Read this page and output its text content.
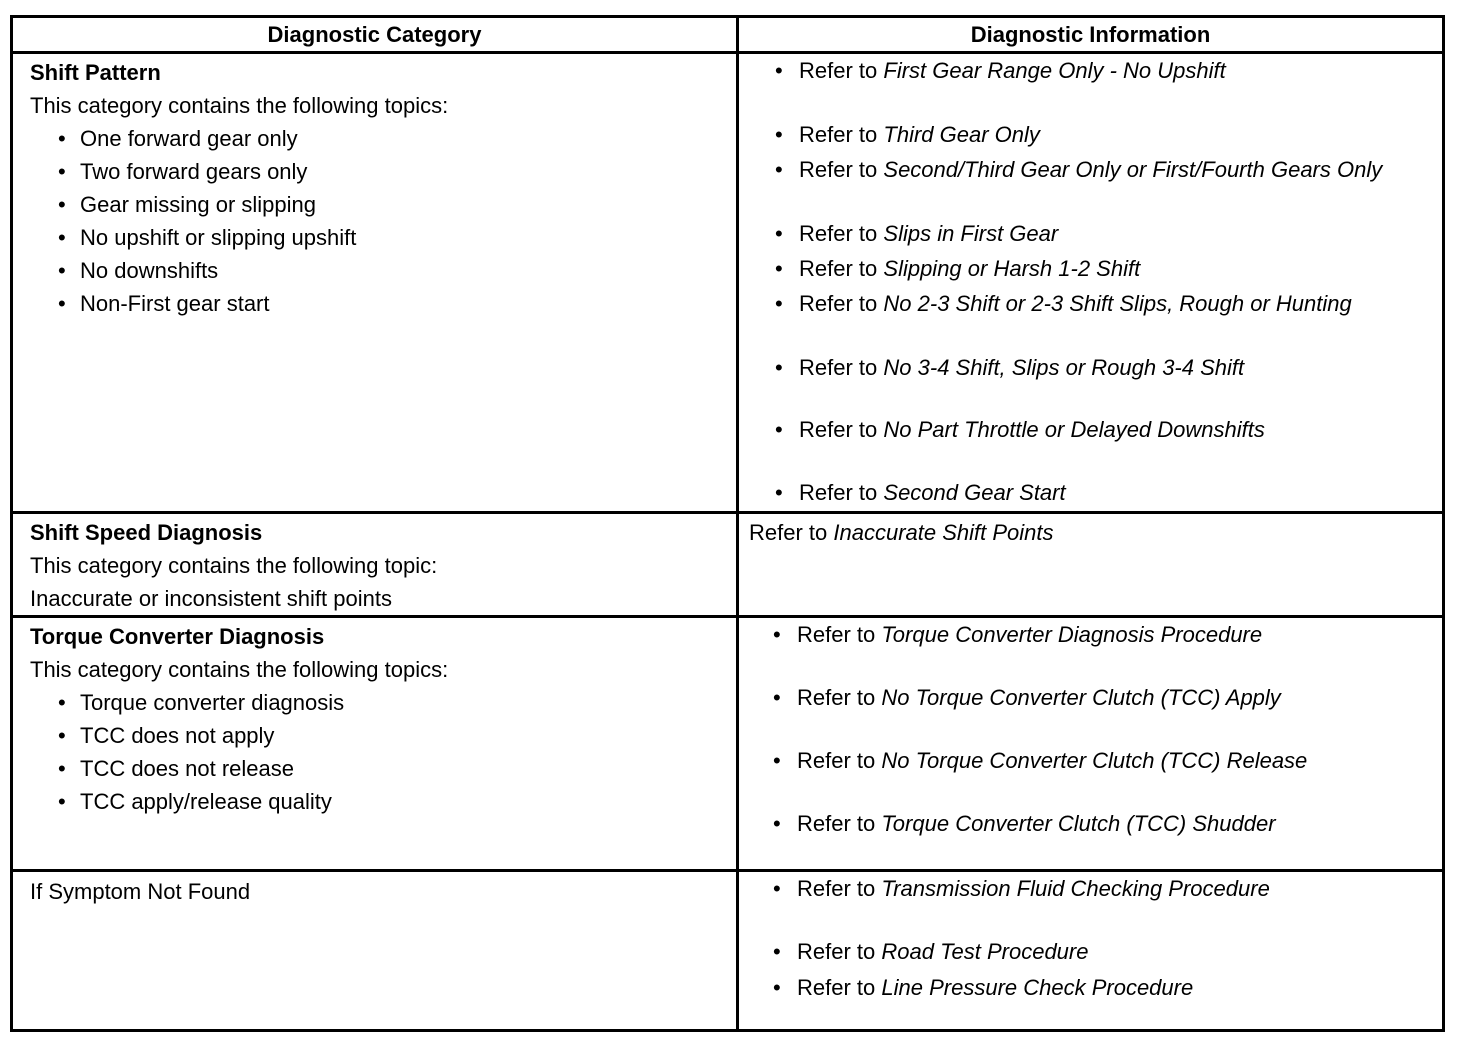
Diagnostic Category	Diagnostic Information
Shift Pattern
This category contains the following topics:
• One forward gear only
• Two forward gears only
• Gear missing or slipping
• No upshift or slipping upshift
• No downshifts
• Non-First gear start
• Refer to First Gear Range Only - No Upshift
• Refer to Third Gear Only
• Refer to Second/Third Gear Only or First/Fourth Gears Only
• Refer to Slips in First Gear
• Refer to Slipping or Harsh 1-2 Shift
• Refer to No 2-3 Shift or 2-3 Shift Slips, Rough or Hunting
• Refer to No 3-4 Shift, Slips or Rough 3-4 Shift
• Refer to No Part Throttle or Delayed Downshifts
• Refer to Second Gear Start
Shift Speed Diagnosis
This category contains the following topic:
Inaccurate or inconsistent shift points
Refer to Inaccurate Shift Points
Torque Converter Diagnosis
This category contains the following topics:
• Torque converter diagnosis
• TCC does not apply
• TCC does not release
• TCC apply/release quality
• Refer to Torque Converter Diagnosis Procedure
• Refer to No Torque Converter Clutch (TCC) Apply
• Refer to No Torque Converter Clutch (TCC) Release
• Refer to Torque Converter Clutch (TCC) Shudder
If Symptom Not Found	• Refer to Transmission Fluid Checking Procedure
• Refer to Road Test Procedure
• Refer to Line Pressure Check Procedure
